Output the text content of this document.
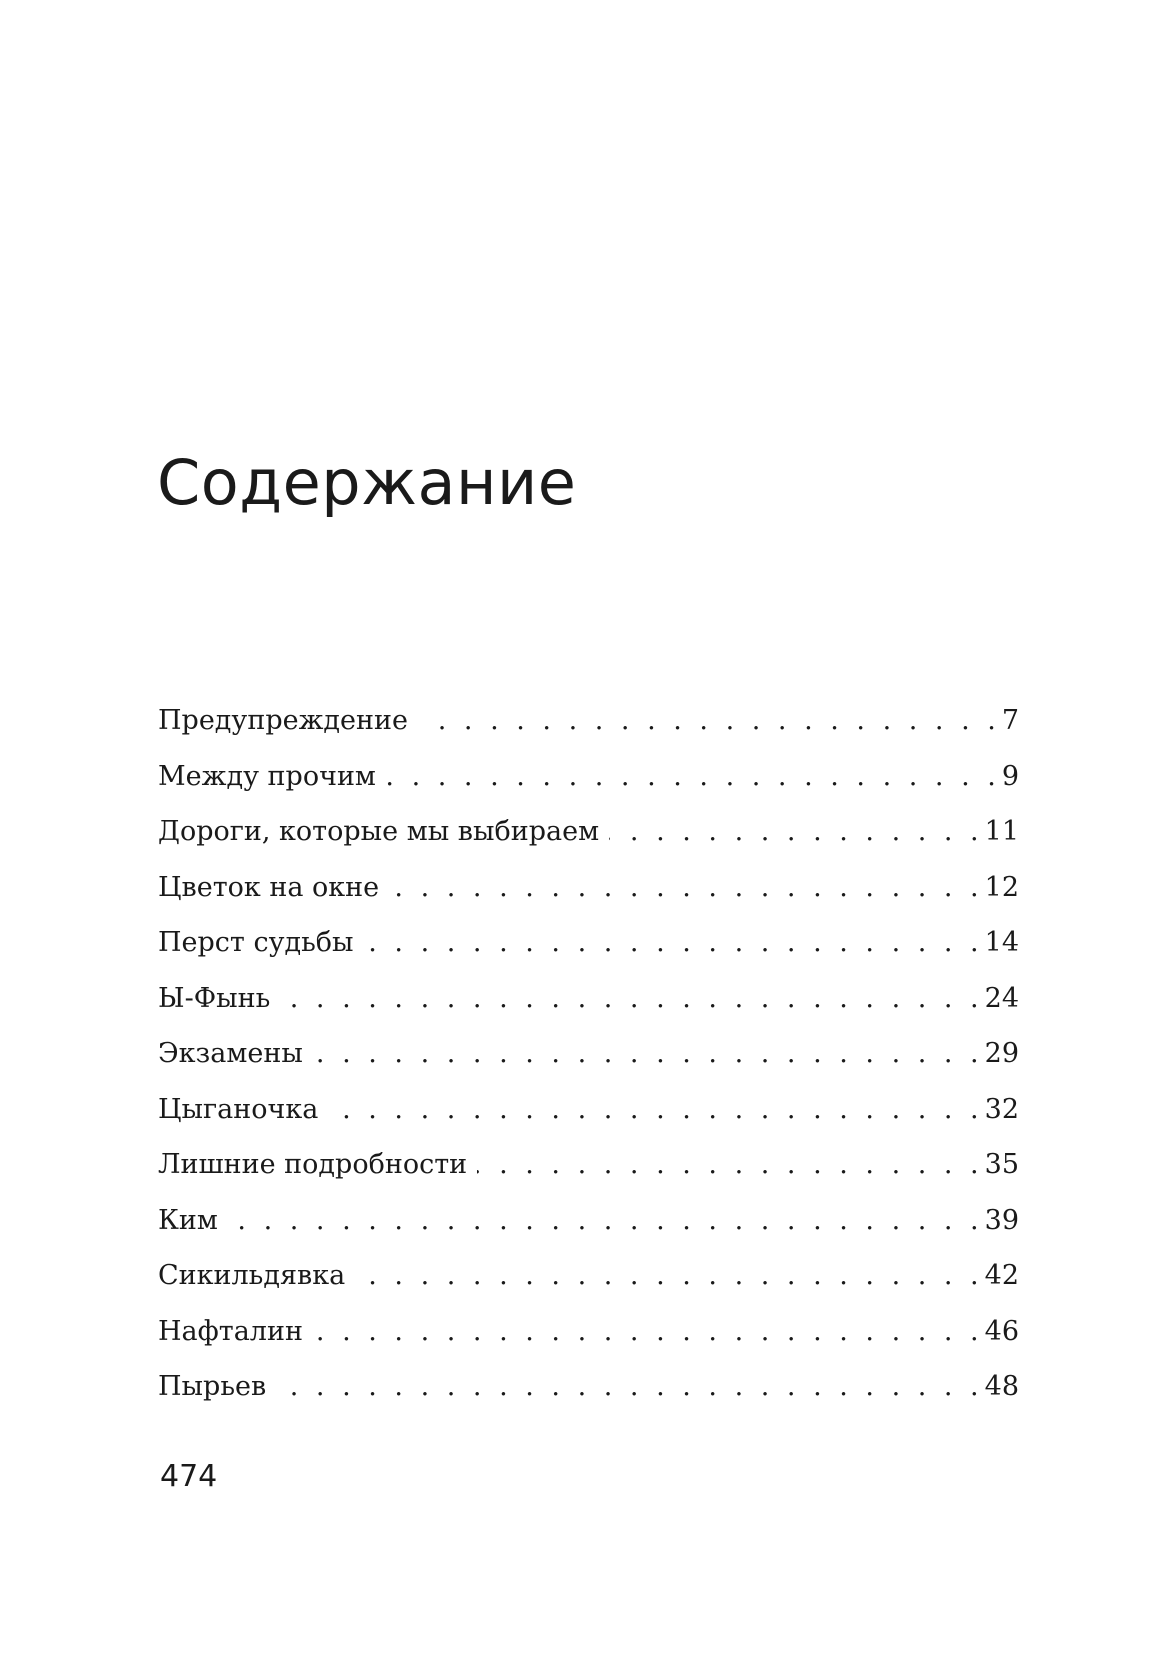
Содержание
Предупреждение . . .	7
Между прочим . . .	9
Дороги, которые мы выбираем . . .	11
Цветок на окне . . .	12
Перст судьбы . . .	14
Ы-Фынь . . .	24
Экзамены . . .	29
Цыганочка . . .	32
Лишние подробности . . .	35
Ким . . .	39
Сикильдявка . . .	42
Нафталин . . .	46
Пырьев . . .	48
474
